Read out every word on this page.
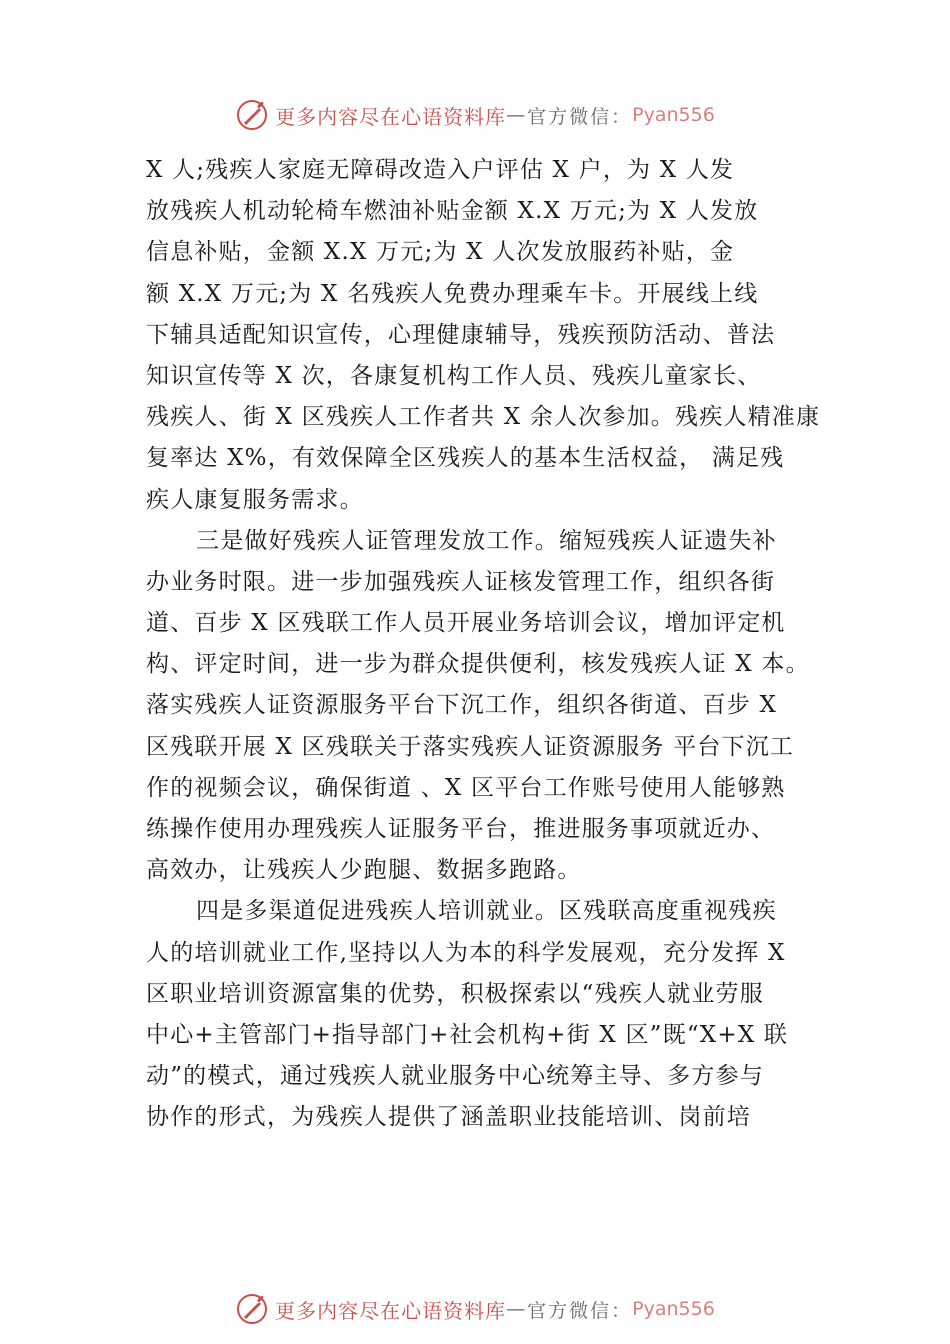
更多内容尽在心语资料库 — 官方微信： Pyan556
X 人;残疾人家庭无障碍改造入户评估 X 户，为 X 人发
放残疾人机动轮椅车燃油补贴金额 X.X 万元;为 X 人发放
信息补贴，金额 X.X 万元;为 X 人次发放服药补贴，金
额 X.X 万元;为 X 名残疾人免费办理乘车卡。开展线上线
下辅具适配知识宣传，心理健康辅导，残疾预防活动、普法
知识宣传等 X 次，各康复机构工作人员、残疾儿童家长、
残疾人、街 X 区残疾人工作者共 X 余人次参加。残疾人精准康
复率达 X%，有效保障全区残疾人的基本生活权益， 满足残
疾人康复服务需求。
三是做好残疾人证管理发放工作。缩短残疾人证遗失补
办业务时限。进一步加强残疾人证核发管理工作，组织各街
道、百步 X 区残联工作人员开展业务培训会议，增加评定机
构、评定时间，进一步为群众提供便利，核发残疾人证 X 本。
落实残疾人证资源服务平台下沉工作，组织各街道、百步 X
区残联开展 X 区残联关于落实残疾人证资源服务 平台下沉工
作的视频会议，确保街道 、X 区平台工作账号使用人能够熟
练操作使用办理残疾人证服务平台，推进服务事项就近办、
高效办，让残疾人少跑腿、数据多跑路。
四是多渠道促进残疾人培训就业。区残联高度重视残疾
人的培训就业工作,坚持以人为本的科学发展观，充分发挥 X
区职业培训资源富集的优势，积极探索以“残疾人就业劳服
中心+主管部门+指导部门+社会机构+街 X 区”既“X+X 联
动”的模式，通过残疾人就业服务中心统筹主导、多方参与
协作的形式，为残疾人提供了涵盖职业技能培训、岗前培
更多内容尽在心语资料库 — 官方微信： Pyan556
